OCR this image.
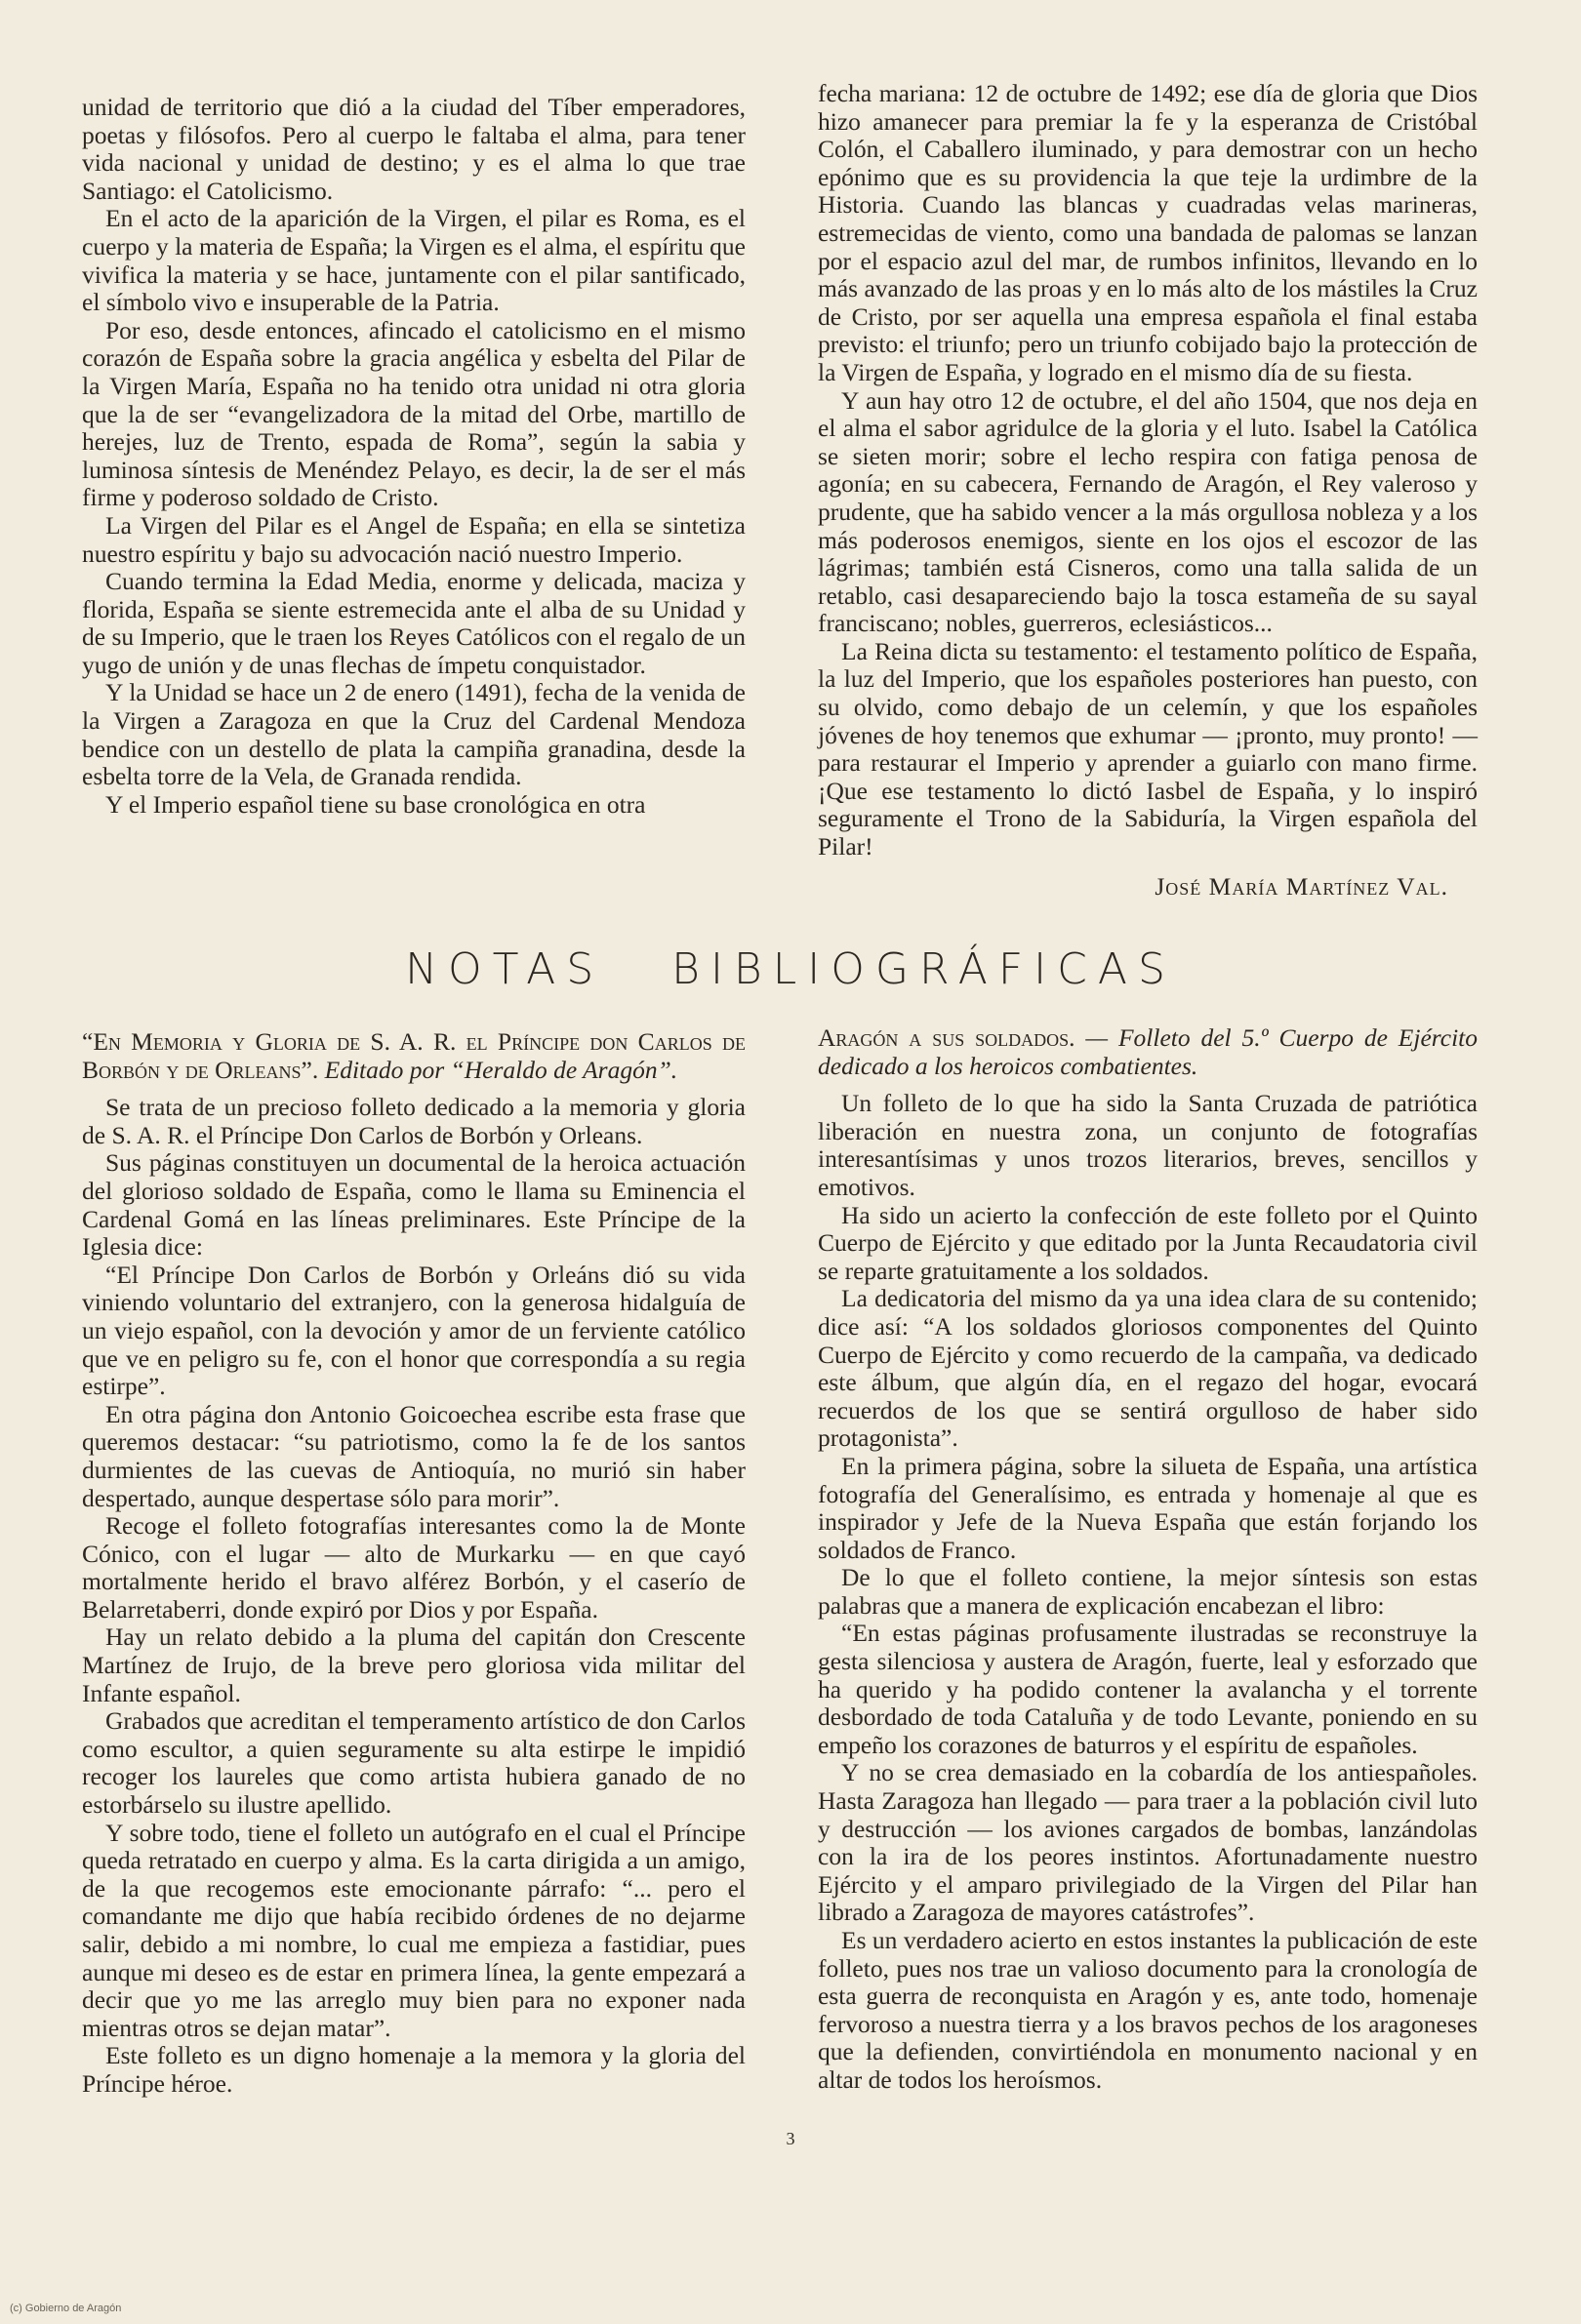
unidad de territorio que dió a la ciudad del Tíber emperadores, poetas y filósofos. Pero al cuerpo le faltaba el alma, para tener vida nacional y unidad de destino; y es el alma lo que trae Santiago: el Catolicismo.

En el acto de la aparición de la Virgen, el pilar es Roma, es el cuerpo y la materia de España; la Virgen es el alma, el espíritu que vivifica la materia y se hace, juntamente con el pilar santificado, el símbolo vivo e insuperable de la Patria.

Por eso, desde entonces, afincado el catolicismo en el mismo corazón de España sobre la gracia angélica y esbelta del Pilar de la Virgen María, España no ha tenido otra unidad ni otra gloria que la de ser “evangelizadora de la mitad del Orbe, martillo de herejes, luz de Trento, espada de Roma”, según la sabia y luminosa síntesis de Menéndez Pelayo, es decir, la de ser el más firme y poderoso soldado de Cristo.

La Virgen del Pilar es el Angel de España; en ella se sintetiza nuestro espíritu y bajo su advocación nació nuestro Imperio.

Cuando termina la Edad Media, enorme y delicada, maciza y florida, España se siente estremecida ante el alba de su Unidad y de su Imperio, que le traen los Reyes Católicos con el regalo de un yugo de unión y de unas flechas de ímpetu conquistador.

Y la Unidad se hace un 2 de enero (1491), fecha de la venida de la Virgen a Zaragoza en que la Cruz del Cardenal Mendoza bendice con un destello de plata la campiña granadina, desde la esbelta torre de la Vela, de Granada rendida.

Y el Imperio español tiene su base cronológica en otra

fecha mariana: 12 de octubre de 1492; ese día de gloria que Dios hizo amanecer para premiar la fe y la esperanza de Cristóbal Colón, el Caballero iluminado, y para demostrar con un hecho epónimo que es su providencia la que teje la urdimbre de la Historia. Cuando las blancas y cuadradas velas marineras, estremecidas de viento, como una bandada de palomas se lanzan por el espacio azul del mar, de rumbos infinitos, llevando en lo más avanzado de las proas y en lo más alto de los mástiles la Cruz de Cristo, por ser aquella una empresa española el final estaba previsto: el triunfo; pero un triunfo cobijado bajo la protección de la Virgen de España, y logrado en el mismo día de su fiesta.

Y aun hay otro 12 de octubre, el del año 1504, que nos deja en el alma el sabor agridulce de la gloria y el luto. Isabel la Católica se sieten morir; sobre el lecho respira con fatiga penosa de agonía; en su cabecera, Fernando de Aragón, el Rey valeroso y prudente, que ha sabido vencer a la más orgullosa nobleza y a los más poderosos enemigos, siente en los ojos el escozor de las lágrimas; también está Cisneros, como una talla salida de un retablo, casi desapareciendo bajo la tosca estameña de su sayal franciscano; nobles, guerreros, eclesiásticos...

La Reina dicta su testamento: el testamento político de España, la luz del Imperio, que los españoles posteriores han puesto, con su olvido, como debajo de un celemín, y que los españoles jóvenes de hoy tenemos que exhumar — ¡pronto, muy pronto! — para restaurar el Imperio y aprender a guiarlo con mano firme. ¡Que ese testamento lo dictó Iasbel de España, y lo inspiró seguramente el Trono de la Sabiduría, la Virgen española del Pilar!

José María Martínez Val.

NOTAS BIBLIOGRÁFICAS

“En Memoria y Gloria de S. A. R. el Príncipe don Carlos de Borbón y de Orleans”. Editado por “Heraldo de Aragón”.

Se trata de un precioso folleto dedicado a la memoria y gloria de S. A. R. el Príncipe Don Carlos de Borbón y Orleans.

Sus páginas constituyen un documental de la heroica actuación del glorioso soldado de España, como le llama su Eminencia el Cardenal Gomá en las líneas preliminares. Este Príncipe de la Iglesia dice:

“El Príncipe Don Carlos de Borbón y Orleáns dió su vida viniendo voluntario del extranjero, con la generosa hidalguía de un viejo español, con la devoción y amor de un ferviente católico que ve en peligro su fe, con el honor que correspondía a su regia estirpe”.

En otra página don Antonio Goicoechea escribe esta frase que queremos destacar: “su patriotismo, como la fe de los santos durmientes de las cuevas de Antioquía, no murió sin haber despertado, aunque despertase sólo para morir”.

Recoge el folleto fotografías interesantes como la de Monte Cónico, con el lugar — alto de Murkarku — en que cayó mortalmente herido el bravo alférez Borbón, y el caserío de Belarretaberri, donde expiró por Dios y por España.

Hay un relato debido a la pluma del capitán don Crescente Martínez de Irujo, de la breve pero gloriosa vida militar del Infante español.

Grabados que acreditan el temperamento artístico de don Carlos como escultor, a quien seguramente su alta estirpe le impidió recoger los laureles que como artista hubiera ganado de no estorbárselo su ilustre apellido.

Y sobre todo, tiene el folleto un autógrafo en el cual el Príncipe queda retratado en cuerpo y alma. Es la carta dirigida a un amigo, de la que recogemos este emocionante párrafo: “... pero el comandante me dijo que había recibido órdenes de no dejarme salir, debido a mi nombre, lo cual me empieza a fastidiar, pues aunque mi deseo es de estar en primera línea, la gente empezará a decir que yo me las arreglo muy bien para no exponer nada mientras otros se dejan matar”.

Este folleto es un digno homenaje a la memora y la gloria del Príncipe héroe.

Aragón a sus soldados. — Folleto del 5.º Cuerpo de Ejército dedicado a los heroicos combatientes.

Un folleto de lo que ha sido la Santa Cruzada de patriótica liberación en nuestra zona, un conjunto de fotografías interesantísimas y unos trozos literarios, breves, sencillos y emotivos.

Ha sido un acierto la confección de este folleto por el Quinto Cuerpo de Ejército y que editado por la Junta Recaudatoria civil se reparte gratuitamente a los soldados.

La dedicatoria del mismo da ya una idea clara de su contenido; dice así: “A los soldados gloriosos componentes del Quinto Cuerpo de Ejército y como recuerdo de la campaña, va dedicado este álbum, que algún día, en el regazo del hogar, evocará recuerdos de los que se sentirá orgulloso de haber sido protagonista”.

En la primera página, sobre la silueta de España, una artística fotografía del Generalísimo, es entrada y homenaje al que es inspirador y Jefe de la Nueva España que están forjando los soldados de Franco.

De lo que el folleto contiene, la mejor síntesis son estas palabras que a manera de explicación encabezan el libro:

“En estas páginas profusamente ilustradas se reconstruye la gesta silenciosa y austera de Aragón, fuerte, leal y esforzado que ha querido y ha podido contener la avalancha y el torrente desbordado de toda Cataluña y de todo Levante, poniendo en su empeño los corazones de baturros y el espíritu de españoles.

Y no se crea demasiado en la cobardía de los antiespañoles. Hasta Zaragoza han llegado — para traer a la población civil luto y destrucción — los aviones cargados de bombas, lanzándolas con la ira de los peores instintos. Afortunadamente nuestro Ejército y el amparo privilegiado de la Virgen del Pilar han librado a Zaragoza de mayores catástrofes”.

Es un verdadero acierto en estos instantes la publicación de este folleto, pues nos trae un valioso documento para la cronología de esta guerra de reconquista en Aragón y es, ante todo, homenaje fervoroso a nuestra tierra y a los bravos pechos de los aragoneses que la defienden, convirtiéndola en monumento nacional y en altar de todos los heroísmos.

3
(c) Gobierno de Aragón
